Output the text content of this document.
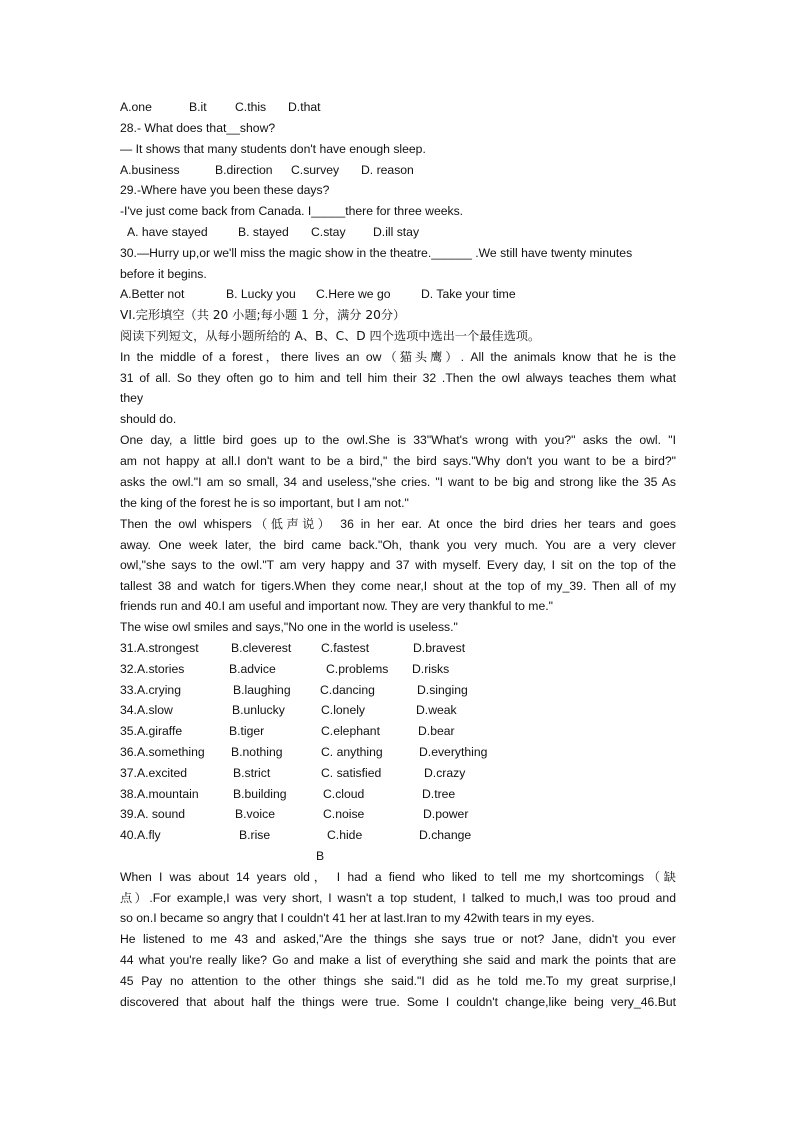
A.one	B.it C.this D.that
28.- What does that__show?
— It shows that many students don't have enough sleep.
A.business	B.direction C.survey D. reason
29.-Where have you been these days?
-I've just come back from Canada. I_____there for three weeks.
A. have stayed B. stayed C.stay D.ill stay
30.—Hurry up,or we'll miss the magic show in the theatre.______ .We still have twenty minutes
before it begins.
A.Better not	B. Lucky you C.Here we go D. Take your time
VI.完形填空（共 20 小题;每小题 1 分，满分 20分）
阅读下列短文，从每小题所给的 A、B、C、D 四个选项中选出一个最佳选项。
In the middle of a forest，there lives an ow（猫头鹰）. All the animals know that he is the
31 of all. So they often go to him and tell him their 32 .Then the owl always teaches them what
they
should do.
One day, a little bird goes up to the owl.She is 33"What's wrong with you?" asks the owl. "I
am not happy at all.I don't want to be a bird," the bird says."Why don't you want to be a bird?"
asks the owl."I am so small, 34 and useless,"she cries. "I want to be big and strong like the 35 As
the king of the forest he is so important, but I am not."
Then the owl whispers（低声说） 36 in her ear. At once the bird dries her tears and goes
away. One week later, the bird came back."Oh, thank you very much. You are a very clever
owl,"she says to the owl."T am very happy and 37 with myself. Every day, I sit on the top of the
tallest 38 and watch for tigers.When they come near,I shout at the top of my_39. Then all of my
friends run and 40.I am useful and important now. They are very thankful to me."
The wise owl smiles and says,"No one in the world is useless."
31.A.strongest	B.cleverest C.fastest	D.bravest
32.A.stories	B.advice	C.problems D.risks
33.A.crying	B.laughing C.dancing	D.singing
34.A.slow	B.unlucky	C.lonely	D.weak
35.A.giraffe	B.tiger	C.elephant	D.bear
36.A.something B.nothing	C. anything	D.everything
37.A.excited	B.strict	C. satisfied	D.crazy
38.A.mountain	B.building	C.cloud	D.tree
39.A. sound	B.voice	C.noise	D.power
40.A.fly	B.rise	C.hide	D.change
B
When I was about 14 years old， I had a fiend who liked to tell me my shortcomings（缺
点）.For example,I was very short, I wasn't a top student, I talked to much,I was too proud and
so on.I became so angry that I couldn't 41 her at last.Iran to my 42with tears in my eyes.
He listened to me 43 and asked,"Are the things she says true or not? Jane, didn't you ever
44 what you're really like? Go and make a list of everything she said and mark the points that are
45 Pay no attention to the other things she said."I did as he told me.To my great surprise,I
discovered that about half the things were true. Some I couldn't change,like being very_46.But
